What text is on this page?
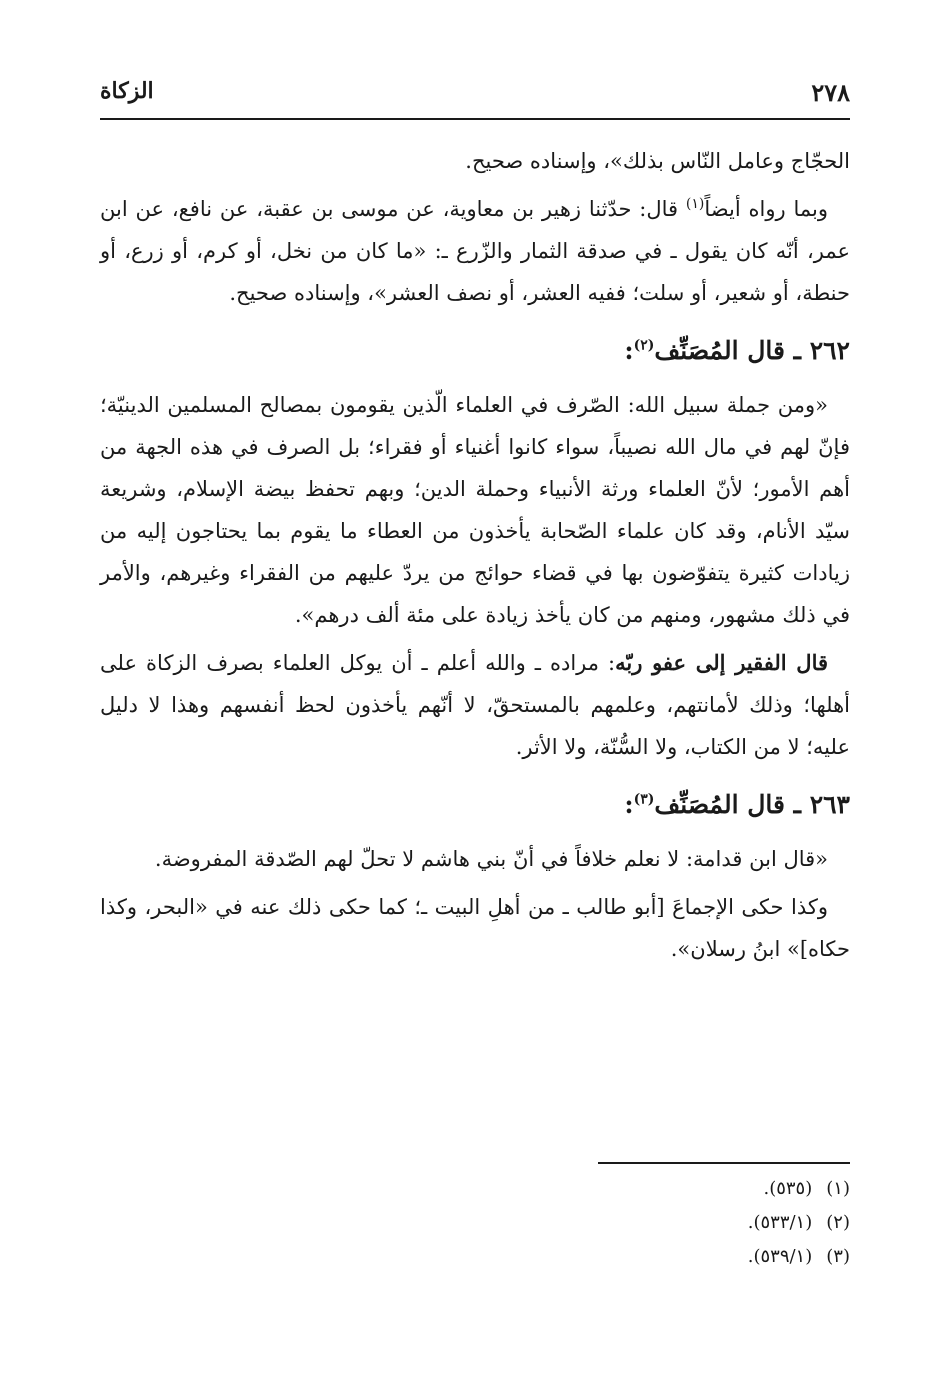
٢٧٨
الزكاة

الحجّاج وعامل النّاس بذلك»، وإسناده صحيح.

وبما رواه أيضاً$^{(١)}$ قال: حدّثنا زهير بن معاوية، عن موسى بن عقبة، عن نافع، عن ابن عمر، أنّه كان يقول ـ في صدقة الثمار والزّرع ـ: «ما كان من نخل، أو كرم، أو زرع، أو حنطة، أو شعير، أو سلت؛ ففيه العشر، أو نصف العشر»، وإسناده صحيح.

٢٦٢ ـ قال المُصَنِّف$^{(٢)}$:

«ومن جملة سبيل الله: الصّرف في العلماء الّذين يقومون بمصالح المسلمين الدينيّة؛ فإنّ لهم في مال الله نصيباً، سواء كانوا أغنياء أو فقراء؛ بل الصرف في هذه الجهة من أهم الأمور؛ لأنّ العلماء ورثة الأنبياء وحملة الدين؛ وبهم تحفظ بيضة الإسلام، وشريعة سيّد الأنام، وقد كان علماء الصّحابة يأخذون من العطاء ما يقوم بما يحتاجون إليه من زيادات كثيرة يتفوّضون بها في قضاء حوائج من يردّ عليهم من الفقراء وغيرهم، والأمر في ذلك مشهور، ومنهم من كان يأخذ زيادة على مئة ألف درهم».

قال الفقير إلى عفو ربّه: مراده ـ والله أعلم ـ أن يوكل العلماء بصرف الزكاة على أهلها؛ وذلك لأمانتهم، وعلمهم بالمستحقّ، لا أنّهم يأخذون لحظ أنفسهم وهذا لا دليل عليه؛ لا من الكتاب، ولا السُّنّة، ولا الأثر.

٢٦٣ ـ قال المُصَنِّف$^{(٣)}$:

«قال ابن قدامة: لا نعلم خلافاً في أنّ بني هاشم لا تحلّ لهم الصّدقة المفروضة.

وكذا حكى الإجماعَ [أبو طالب ـ من أهلِ البيت ـ؛ كما حكى ذلك عنه في «البحر، وكذا حكاه]» ابنُ رسلان».

(١)(٥٣٥).
(٢)(٥٣٣/١).
(٣)(٥٣٩/١).
